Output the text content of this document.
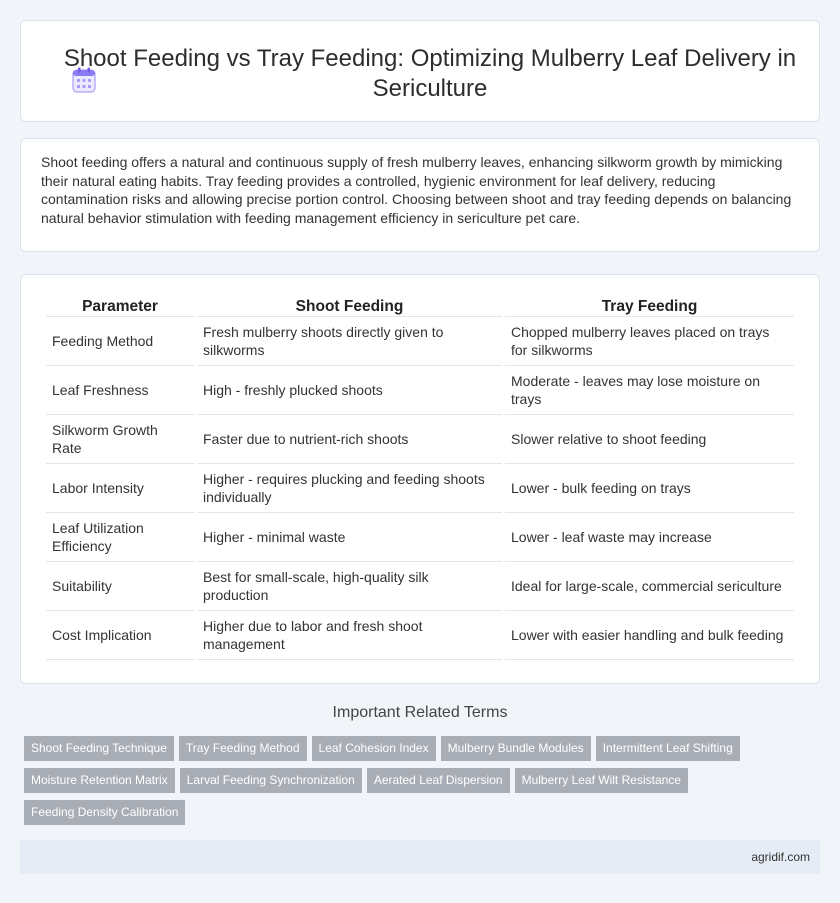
Shoot Feeding vs Tray Feeding: Optimizing Mulberry Leaf Delivery in Sericulture

Shoot feeding offers a natural and continuous supply of fresh mulberry leaves, enhancing silkworm growth by mimicking their natural eating habits. Tray feeding provides a controlled, hygienic environment for leaf delivery, reducing contamination risks and allowing precise portion control. Choosing between shoot and tray feeding depends on balancing natural behavior stimulation with feeding management efficiency in sericulture pet care.

Parameter	Shoot Feeding	Tray Feeding
Feeding Method	Fresh mulberry shoots directly given to silkworms	Chopped mulberry leaves placed on trays for silkworms
Leaf Freshness	High - freshly plucked shoots	Moderate - leaves may lose moisture on trays
Silkworm Growth Rate	Faster due to nutrient-rich shoots	Slower relative to shoot feeding
Labor Intensity	Higher - requires plucking and feeding shoots individually	Lower - bulk feeding on trays
Leaf Utilization Efficiency	Higher - minimal waste	Lower - leaf waste may increase
Suitability	Best for small-scale, high-quality silk production	Ideal for large-scale, commercial sericulture
Cost Implication	Higher due to labor and fresh shoot management	Lower with easier handling and bulk feeding
Important Related Terms
Shoot Feeding Technique Tray Feeding Method Leaf Cohesion Index Mulberry Bundle Modules Intermittent Leaf Shifting
Moisture Retention Matrix Larval Feeding Synchronization Aerated Leaf Dispersion Mulberry Leaf Wilt Resistance
Feeding Density Calibration
agridif.com
